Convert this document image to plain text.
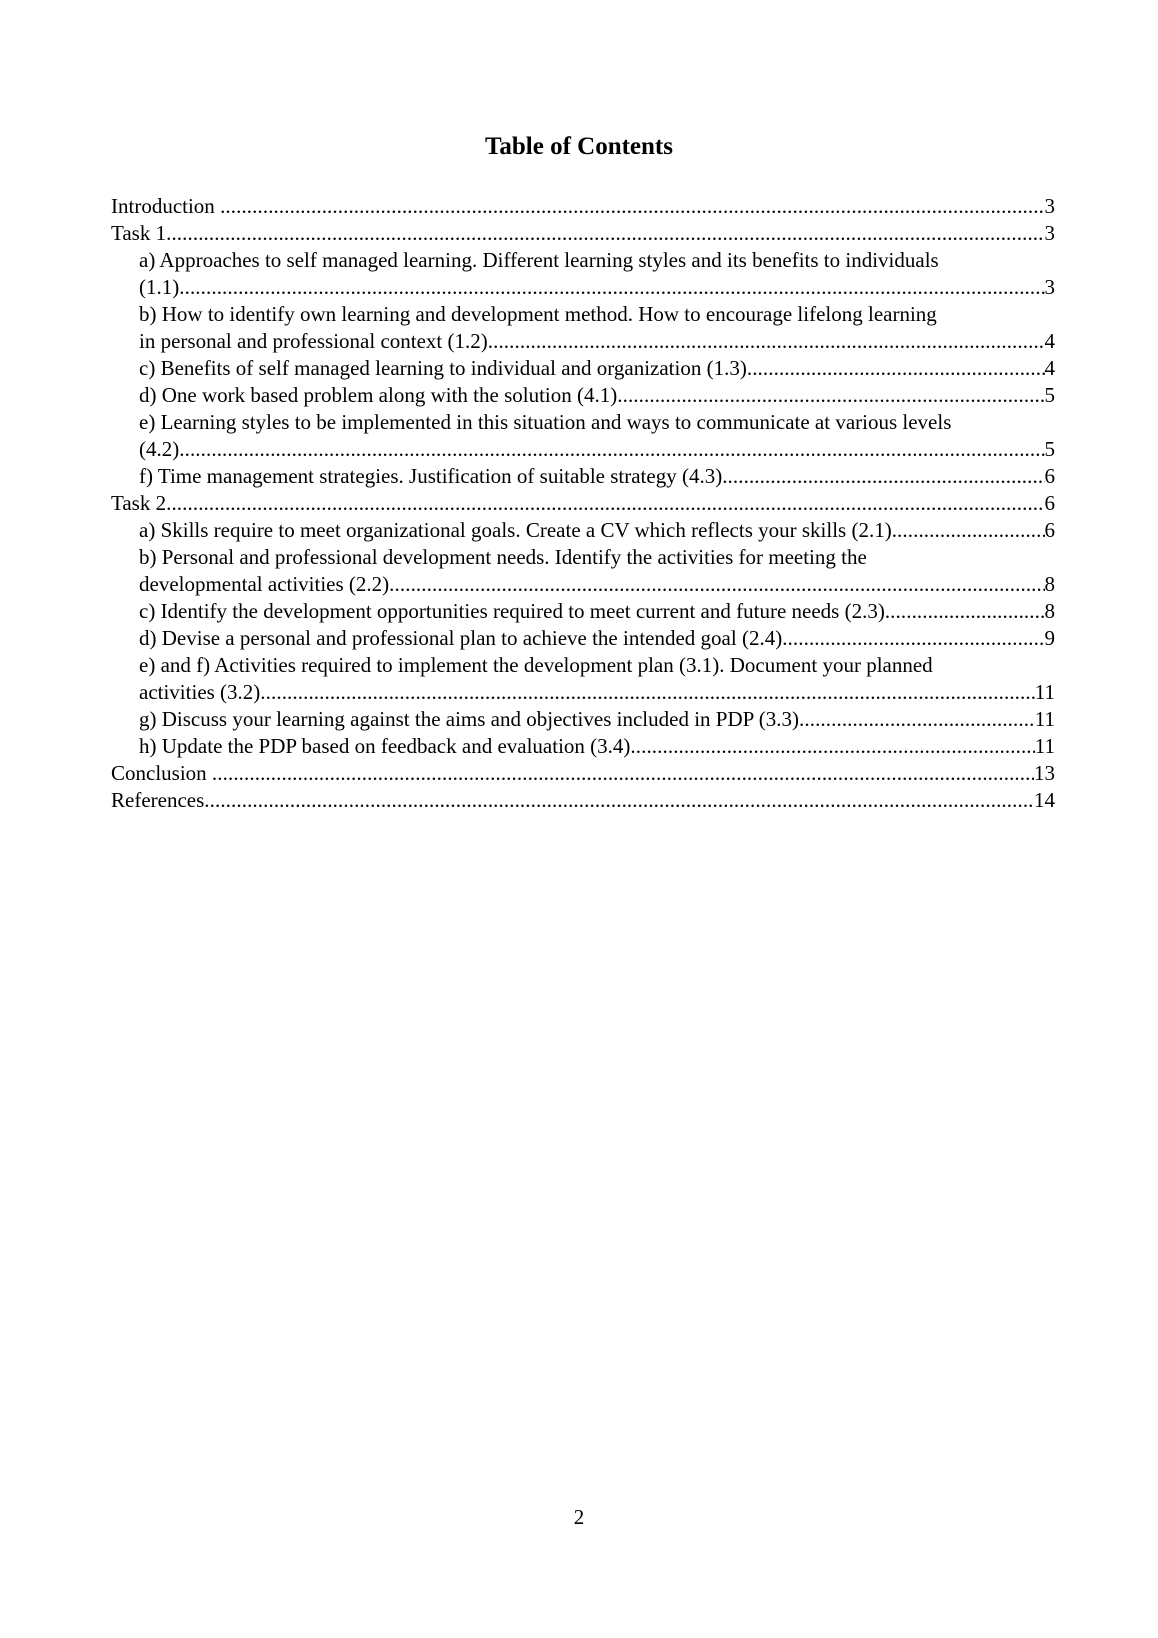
Table of Contents
Introduction .....	3
Task 1 .....	3
a) Approaches to self managed learning. Different learning styles and its benefits to individuals
(1.1) .....	3
b) How to identify own learning and development method. How to encourage lifelong learning
in personal and professional context (1.2) .....	4
c) Benefits of self managed learning to individual and organization (1.3) .....	4
d) One work based problem along with the solution (4.1) .....	5
e) Learning styles to be implemented in this situation and ways to communicate at various levels
(4.2) .....	5
f) Time management strategies. Justification of suitable strategy (4.3) .....	6
Task 2 .....	6
a) Skills require to meet organizational goals. Create a CV which reflects your skills (2.1) .....	6
b) Personal and professional development needs. Identify the activities for meeting the
developmental activities (2.2) .....	8
c) Identify the development opportunities required to meet current and future needs (2.3) .....	8
d) Devise a personal and professional plan to achieve the intended goal (2.4) .....	9
e) and f) Activities required to implement the development plan (3.1). Document your planned
activities (3.2) .....	11
g) Discuss your learning against the aims and objectives included in PDP (3.3) .....	11
h) Update the PDP based on feedback and evaluation (3.4) .....	11
Conclusion .....	13
References .....	14
2
